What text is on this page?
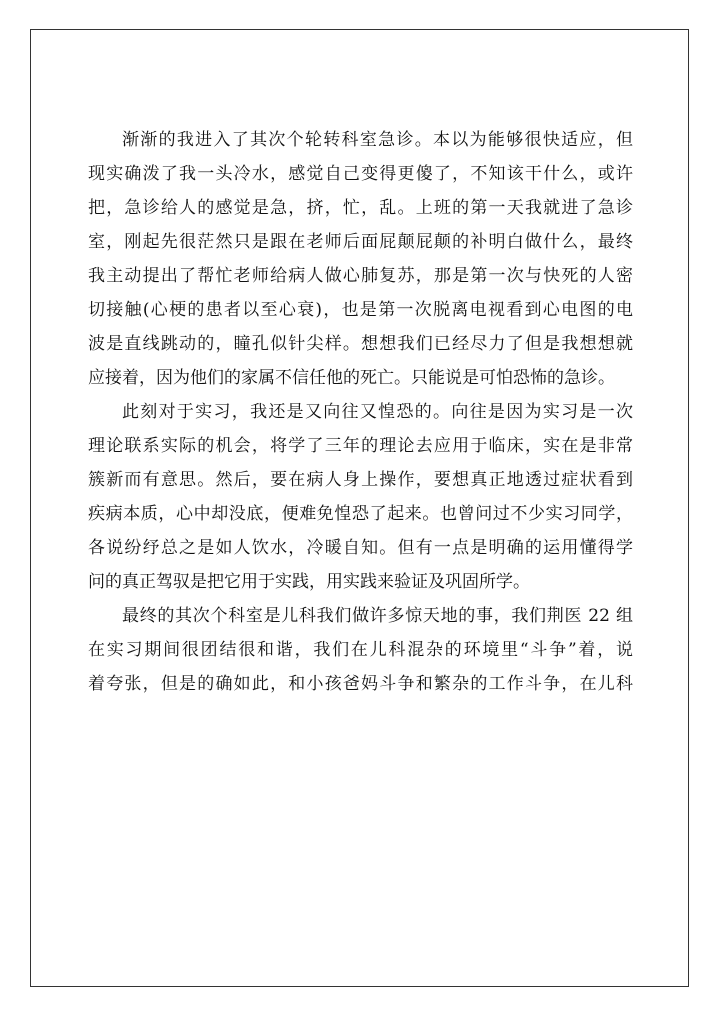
渐渐的我进入了其次个轮转科室急诊。本以为能够很快适应，但
现实确泼了我一头冷水，感觉自己变得更傻了，不知该干什么，或许
把，急诊给人的感觉是急，挤，忙，乱。上班的第一天我就进了急诊
室，刚起先很茫然只是跟在老师后面屁颠屁颠的补明白做什么，最终
我主动提出了帮忙老师给病人做心肺复苏，那是第一次与快死的人密
切接触(心梗的患者以至心衰)，也是第一次脱离电视看到心电图的电
波是直线跳动的，瞳孔似针尖样。想想我们已经尽力了但是我想想就
应接着，因为他们的家属不信任他的死亡。只能说是可怕恐怖的急诊。
此刻对于实习，我还是又向往又惶恐的。向往是因为实习是一次
理论联系实际的机会，将学了三年的理论去应用于临床，实在是非常
簇新而有意思。然后，要在病人身上操作，要想真正地透过症状看到
疾病本质，心中却没底，便难免惶恐了起来。也曾问过不少实习同学，
各说纷纾总之是如人饮水，冷暖自知。但有一点是明确的运用懂得学
问的真正驾驭是把它用于实践，用实践来验证及巩固所学。
最终的其次个科室是儿科我们做许多惊天地的事，我们荆医 22 组
在实习期间很团结很和谐，我们在儿科混杂的环境里“斗争”着，说
着夸张，但是的确如此，和小孩爸妈斗争和繁杂的工作斗争，在儿科
